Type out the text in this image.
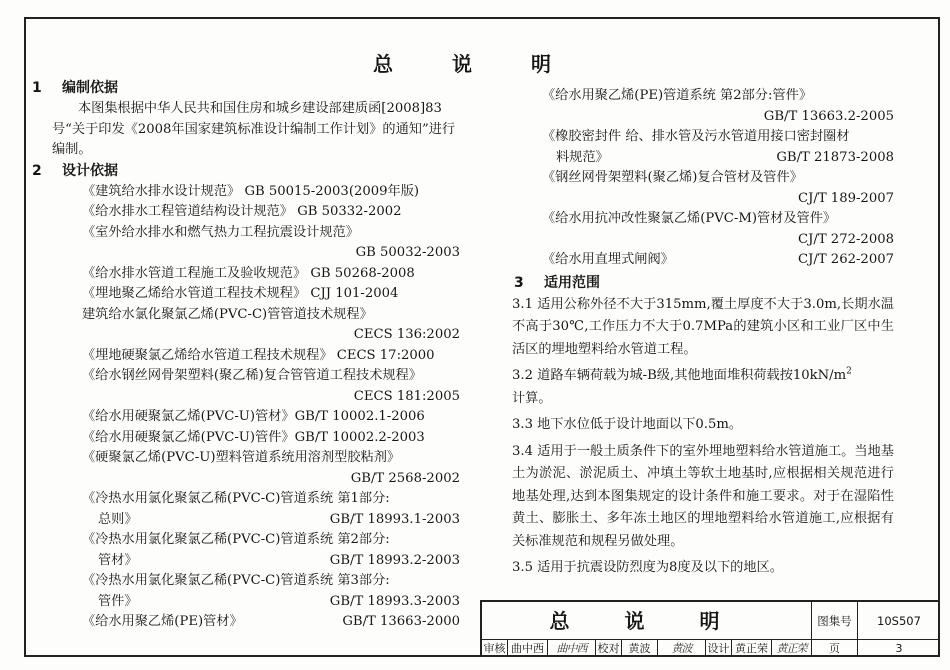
总 说 明
1 编制依据
本图集根据中华人民共和国住房和城乡建设部建质函[2008]83号“关于印发《2008年国家建筑标准设计编制工作计划》的通知”进行编制。
2 设计依据
《建筑给水排水设计规范》 GB 50015-2003(2009年版)
《给水排水工程管道结构设计规范》 GB 50332-2002
《室外给水排水和燃气热力工程抗震设计规范》
GB 50032-2003
《给水排水管道工程施工及验收规范》 GB 50268-2008
《埋地聚乙烯给水管道工程技术规程》 CJJ 101-2004
建筑给水氯化聚氯乙烯(PVC-C)管管道技术规程》
CECS 136:2002
《埋地硬聚氯乙烯给水管道工程技术规程》 CECS 17:2000
《给水钢丝网骨架塑料(聚乙稀)复合管管道工程技术规程》
CECS 181:2005
《给水用硬聚氯乙烯(PVC-U)管材》GB/T 10002.1-2006
《给水用硬聚氯乙烯(PVC-U)管件》GB/T 10002.2-2003
《硬聚氯乙烯(PVC-U)塑料管道系统用溶剂型胶粘剂》
GB/T 2568-2002
《冷热水用氯化聚氯乙稀(PVC-C)管道系统 第1部分:
总则》	GB/T 18993.1-2003
《冷热水用氯化聚氯乙稀(PVC-C)管道系统 第2部分:
管材》	GB/T 18993.2-2003
《冷热水用氯化聚氯乙稀(PVC-C)管道系统 第3部分:
管件》	GB/T 18993.3-2003
《给水用聚乙烯(PE)管材》	GB/T 13663-2000
《给水用聚乙烯(PE)管道系统 第2部分:管件》
GB/T 13663.2-2005
《橡胶密封件 给、排水管及污水管道用接口密封圈材
料规范》	GB/T 21873-2008
《钢丝网骨架塑料(聚乙烯)复合管材及管件》
CJ/T 189-2007
《给水用抗冲改性聚氯乙烯(PVC-M)管材及管件》
CJ/T 272-2008
《给水用直埋式闸阀》	CJ/T 262-2007
3 适用范围

3.1 适用公称外径不大于315mm,覆土厚度不大于3.0m,长期水温不高于30℃,工作压力不大于0.7MPa的建筑小区和工业厂区中生活区的埋地塑料给水管道工程。

3.2 道路车辆荷载为城-B级,其他地面堆积荷载按$10kN/m^2$
计算。

3.3 地下水位低于设计地面以下0.5m。

3.4 适用于一般土质条件下的室外埋地塑料给水管道施工。当地基土为淤泥、淤泥质土、冲填土等软土地基时,应根据相关规范进行地基处理,达到本图集规定的设计条件和施工要求。对于在湿陷性黄土、膨胀土、多年冻土地区的埋地塑料给水管道施工,应根据有关标准规范和规程另做处理。

3.5 适用于抗震设防烈度为8度及以下的地区。

总 说 明	图集号	10S507
审核 曲中西	曲中西	校对 黄波	黄波	设计 黄正荣 黄正荣	页	3
